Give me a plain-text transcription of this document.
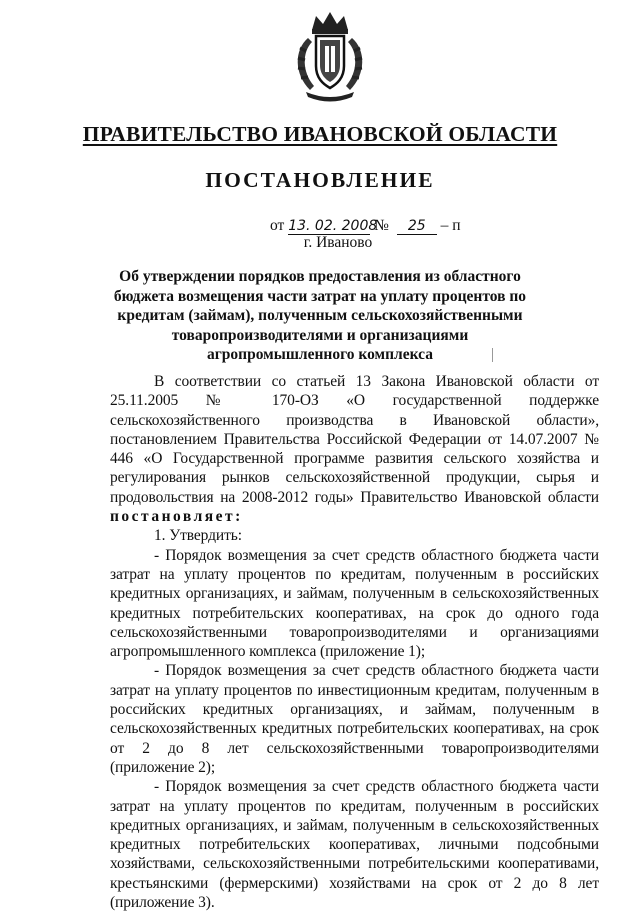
ПРАВИТЕЛЬСТВО ИВАНОВСКОЙ ОБЛАСТИ
ПОСТАНОВЛЕНИЕ
от 13. 02. 2008 № 25 – п
г. Иваново
Об утверждении порядков предоставления из областного бюджета возмещения части затрат на уплату процентов по кредитам (займам), полученным сельскохозяйственными товаропроизводителями и организациями агропромышленного комплекса

В соответствии со статьей 13 Закона Ивановской области от 25.11.2005 № 170-ОЗ «О государственной поддержке сельскохозяйственного производства в Ивановской области», постановлением Правительства Российской Федерации от 14.07.2007 № 446 «О Государственной программе развития сельского хозяйства и регулирования рынков сельскохозяйственной продукции, сырья и продовольствия на 2008-2012 годы» Правительство Ивановской области постановляет:

1. Утвердить:

- Порядок возмещения за счет средств областного бюджета части затрат на уплату процентов по кредитам, полученным в российских кредитных организациях, и займам, полученным в сельскохозяйственных кредитных потребительских кооперативах, на срок до одного года сельскохозяйственными товаропроизводителями и организациями агропромышленного комплекса (приложение 1);

- Порядок возмещения за счет средств областного бюджета части затрат на уплату процентов по инвестиционным кредитам, полученным в российских кредитных организациях, и займам, полученным в сельскохозяйственных кредитных потребительских кооперативах, на срок от 2 до 8 лет сельскохозяйственными товаропроизводителями (приложение 2);

- Порядок возмещения за счет средств областного бюджета части затрат на уплату процентов по кредитам, полученным в российских кредитных организациях, и займам, полученным в сельскохозяйственных кредитных потребительских кооперативах, личными подсобными хозяйствами, сельскохозяйственными потребительскими кооперативами, крестьянскими (фермерскими) хозяйствами на срок от 2 до 8 лет (приложение 3).
